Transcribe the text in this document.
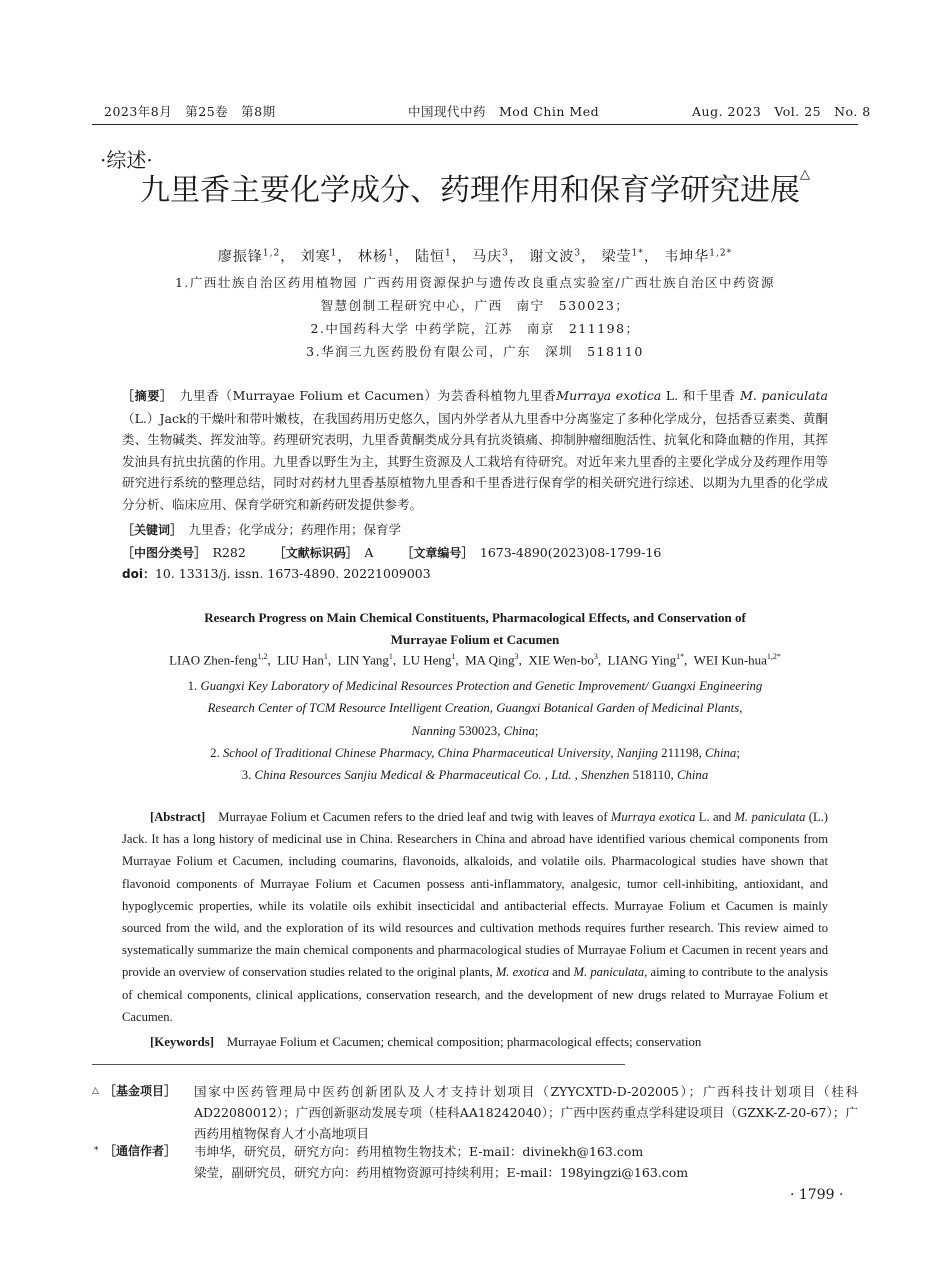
2023年8月　第25卷　第8期	中国现代中药　Mod Chin Med	Aug. 2023　Vol. 25　No. 8
·综述·
九里香主要化学成分、药理作用和保育学研究进展△
廖振锋$^{1,2}$， 刘寒$^1$， 林杨$^1$， 陆恒$^1$， 马庆$^3$， 谢文波$^3$， 梁莹$^{1*}$， 韦坤华$^{1,2*}$
1.广西壮族自治区药用植物园 广西药用资源保护与遗传改良重点实验室/广西壮族自治区中药资源
智慧创制工程研究中心，广西　南宁　530023；
2.中国药科大学 中药学院，江苏　南京　211198；
3.华润三九医药股份有限公司，广东　深圳　518110
［摘要］　九里香（Murrayae Folium et Cacumen）为芸香科植物九里香Murraya exotica L. 和千里香 M. paniculata（L.）Jack的干燥叶和带叶嫩枝，在我国药用历史悠久，国内外学者从九里香中分离鉴定了多种化学成分，包括香豆素类、黄酮类、生物碱类、挥发油等。药理研究表明，九里香黄酮类成分具有抗炎镇痛、抑制肿瘤细胞活性、抗氧化和降血糖的作用，其挥发油具有抗虫抗菌的作用。九里香以野生为主，其野生资源及人工栽培有待研究。对近年来九里香的主要化学成分及药理作用等研究进行系统的整理总结，同时对药材九里香基原植物九里香和千里香进行保育学的相关研究进行综述、以期为九里香的化学成分分析、临床应用、保育学研究和新药研发提供参考。
［关键词］　 九里香；化学成分；药理作用；保育学
［中图分类号］　 R282 ［文献标识码］　 A ［文章编号］　 1673-4890(2023)08-1799-16
doi：10. 13313/j. issn. 1673-4890. 20221009003
Research Progress on Main Chemical Constituents, Pharmacological Effects, and Conservation of
Murrayae Folium et Cacumen
LIAO Zhen-feng$^{1,2}$,  LIU Han$^1$,  LIN Yang$^1$,  LU Heng$^1$,  MA Qing$^3$,  XIE Wen-$bo^3$,  LIANG Ying$^{1*}$,  WEI Kun-hua$^{1,2*}$
1. Guangxi Key Laboratory of Medicinal Resources Protection and Genetic Improvement/ Guangxi Engineering
Research Center of TCM Resource Intelligent Creation, Guangxi Botanical Garden of Medicinal Plants,
Nanning 530023, China;
2. School of Traditional Chinese Pharmacy, China Pharmaceutical University, Nanjing 211198, China;
3. China Resources Sanjiu Medical & Pharmaceutical Co. , Ltd. , Shenzhen 518110, China
[Abstract]　Murrayae Folium et Cacumen refers to the dried leaf and twig with leaves of Murraya exotica L. and M. paniculata (L.) Jack. It has a long history of medicinal use in China. Researchers in China and abroad have identified various chemical components from Murrayae Folium et Cacumen, including coumarins, flavonoids, alkaloids, and volatile oils. Pharmacological studies have shown that flavonoid components of Murrayae Folium et Cacumen possess anti-inflammatory, analgesic, tumor cell-inhibiting, antioxidant, and hypoglycemic properties, while its volatile oils exhibit insecticidal and antibacterial effects. Murrayae Folium et Cacumen is mainly sourced from the wild, and the exploration of its wild resources and cultivation methods requires further research. This review aimed to systematically summarize the main chemical components and pharmacological studies of Murrayae Folium et Cacumen in recent years and provide an overview of conservation studies related to the original plants, M. exotica and M. paniculata, aiming to contribute to the analysis of chemical components, clinical applications, conservation research, and the development of new drugs related to Murrayae Folium et Cacumen.
[Keywords]　Murrayae Folium et Cacumen; chemical composition; pharmacological effects; conservation
△ ［基金项目］ 国家中医药管理局中医药创新团队及人才支持计划项目（ZYYCXTD-D-202005）；广西科技计划项目（桂科AD22080012）；广西创新驱动发展专项（桂科AA18242040）；广西中医药重点学科建设项目（GZXK-Z-20-67）；广西药用植物保育人才小高地项目
* ［通信作者］ 韦坤华，研究员，研究方向：药用植物生物技术；E-mail：divinekh@163.com
梁莹，副研究员，研究方向：药用植物资源可持续利用；E-mail：198yingzi@163.com
· 1799 ·
